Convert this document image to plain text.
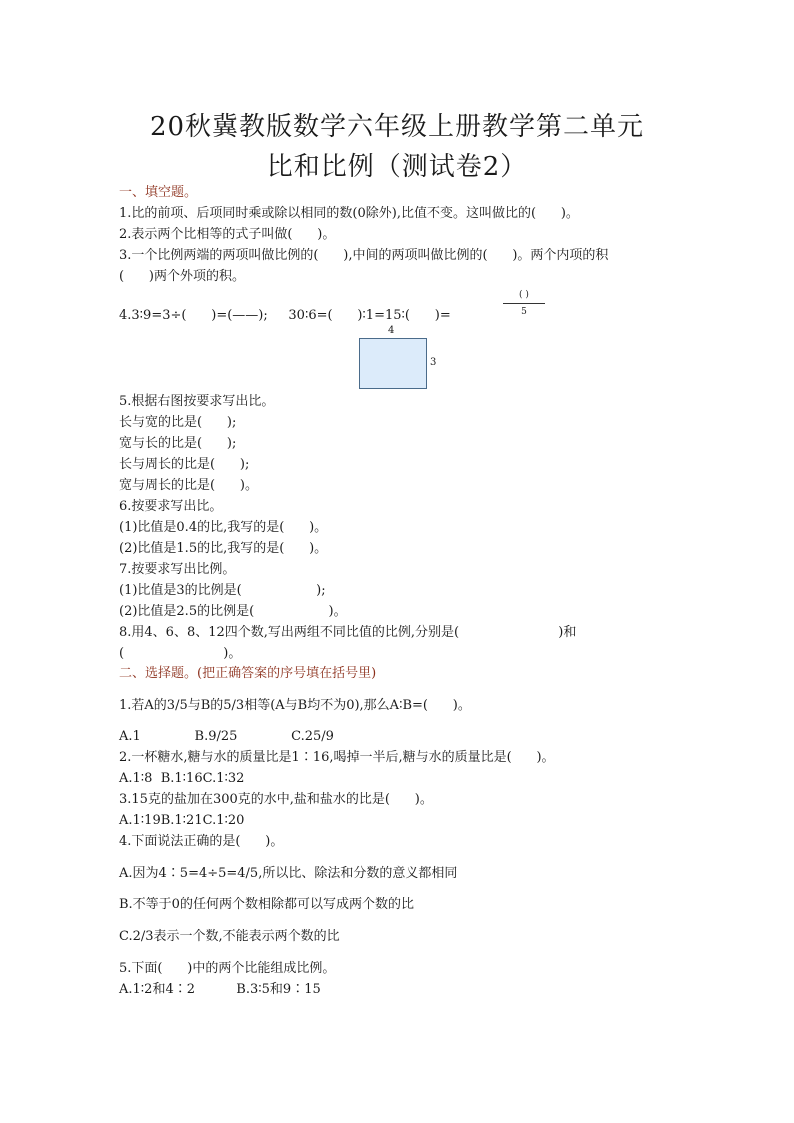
20秋冀教版数学六年级上册教学第二单元
比和比例（测试卷2）
一、填空题。
1.比的前项、后项同时乘或除以相同的数(0除外),比值不变。这叫做比的(      )。
2.表示两个比相等的式子叫做(      )。
3.一个比例两端的两项叫做比例的(      ),中间的两项叫做比例的(      )。两个内项的积
(      )两个外项的积。
4.3∶9=3÷(      )=(——);     30∶6=(      )∶1=15∶(      )=
( )
5
4
3
5.根据右图按要求写出比。
长与宽的比是(      );
宽与长的比是(      );
长与周长的比是(      );
宽与周长的比是(      )。
6.按要求写出比。
(1)比值是0.4的比,我写的是(      )。
(2)比值是1.5的比,我写的是(      )。
7.按要求写出比例。
(1)比值是3的比例是(                  );
(2)比值是2.5的比例是(                  )。
8.用4、6、8、12四个数,写出两组不同比值的比例,分别是(                        )和
(                        )。
二、选择题。(把正确答案的序号填在括号里)
1.若A的3/5与B的5/3相等(A与B均不为0),那么A∶B=(      )。
A.1             B.9/25             C.25/9
2.一杯糖水,糖与水的质量比是1∶16,喝掉一半后,糖与水的质量比是(      )。
A.1∶8  B.1∶16C.1∶32
3.15克的盐加在300克的水中,盐和盐水的比是(      )。
A.1∶19B.1∶21C.1∶20
4.下面说法正确的是(      )。
A.因为4∶5=4÷5=4/5,所以比、除法和分数的意义都相同
B.不等于0的任何两个数相除都可以写成两个数的比
C.2/3表示一个数,不能表示两个数的比
5.下面(      )中的两个比能组成比例。
A.1∶2和4∶2          B.3∶5和9∶15
